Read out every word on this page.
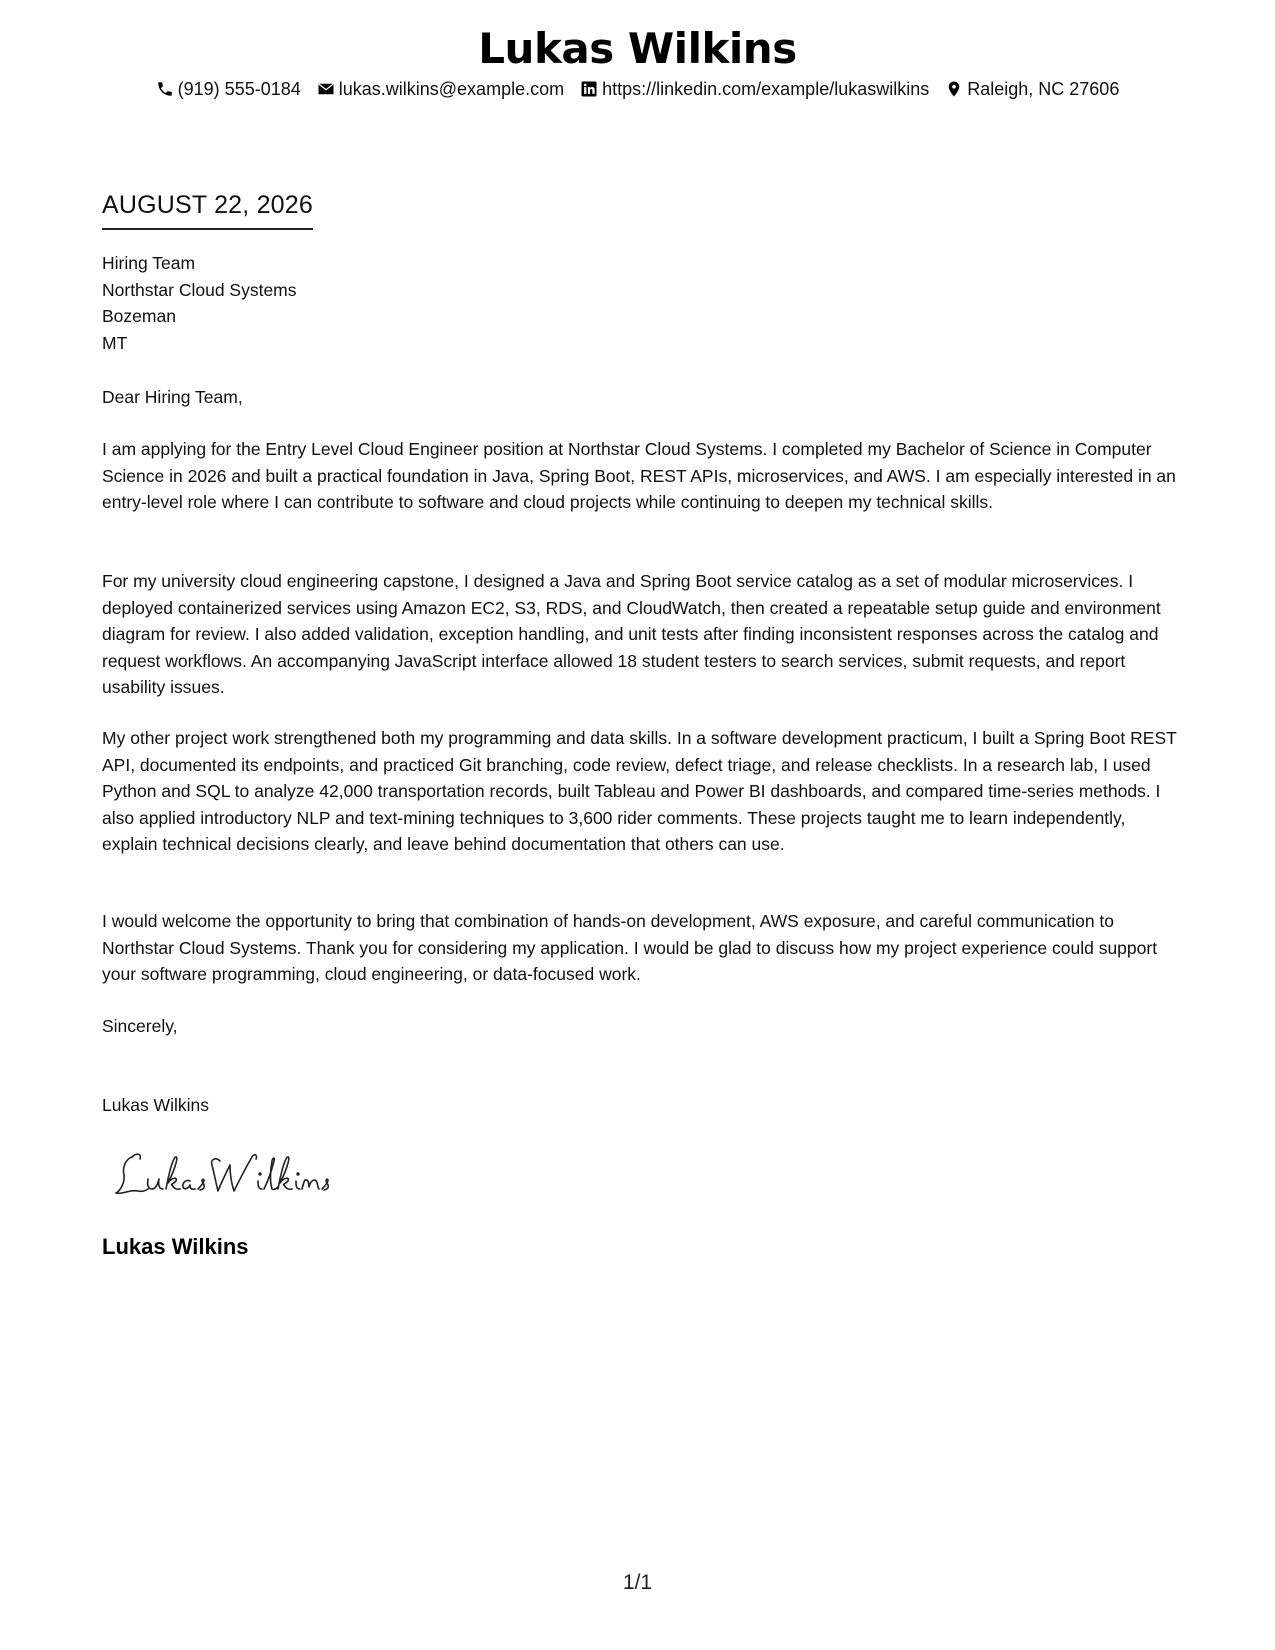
Lukas Wilkins
(919) 555-0184 lukas.wilkins@example.com https://linkedin.com/example/lukaswilkins Raleigh, NC 27606
AUGUST 22, 2026
Hiring Team
Northstar Cloud Systems
Bozeman
MT

Dear Hiring Team,

I am applying for the Entry Level Cloud Engineer position at Northstar Cloud Systems. I completed my Bachelor of Science in Computer Science in 2026 and built a practical foundation in Java, Spring Boot, REST APIs, microservices, and AWS. I am especially interested in an entry-level role where I can contribute to software and cloud projects while continuing to deepen my technical skills.

For my university cloud engineering capstone, I designed a Java and Spring Boot service catalog as a set of modular microservices. I deployed containerized services using Amazon EC2, S3, RDS, and CloudWatch, then created a repeatable setup guide and environment diagram for review. I also added validation, exception handling, and unit tests after finding inconsistent responses across the catalog and request workflows. An accompanying JavaScript interface allowed 18 student testers to search services, submit requests, and report usability issues.

My other project work strengthened both my programming and data skills. In a software development practicum, I built a Spring Boot REST API, documented its endpoints, and practiced Git branching, code review, defect triage, and release checklists. In a research lab, I used Python and SQL to analyze 42,000 transportation records, built Tableau and Power BI dashboards, and compared time-series methods. I also applied introductory NLP and text-mining techniques to 3,600 rider comments. These projects taught me to learn independently, explain technical decisions clearly, and leave behind documentation that others can use.

I would welcome the opportunity to bring that combination of hands-on development, AWS exposure, and careful communication to Northstar Cloud Systems. Thank you for considering my application. I would be glad to discuss how my project experience could support your software programming, cloud engineering, or data-focused work.

Sincerely,

Lukas Wilkins

Lukas Wilkins
1/1
